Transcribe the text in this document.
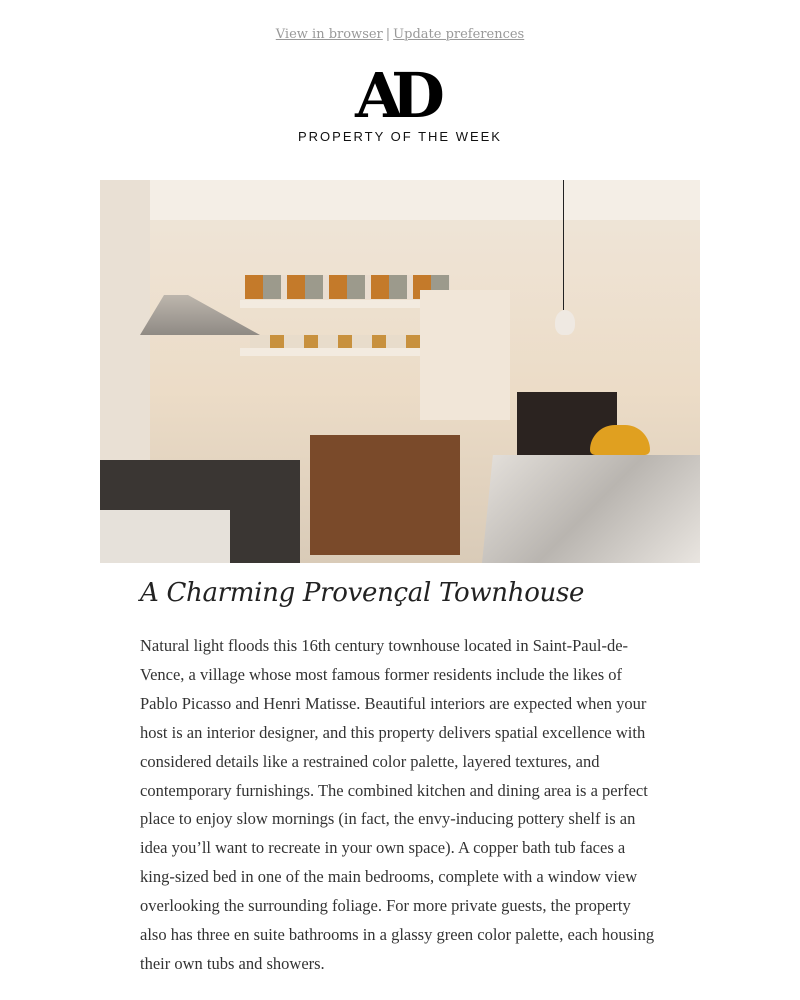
View in browser | Update preferences
AD
PROPERTY OF THE WEEK
A Charming Provençal Townhouse

Natural light floods this 16th century townhouse located in Saint-Paul-de-Vence, a village whose most famous former residents include the likes of Pablo Picasso and Henri Matisse. Beautiful interiors are expected when your host is an interior designer, and this property delivers spatial excellence with considered details like a restrained color palette, layered textures, and contemporary furnishings. The combined kitchen and dining area is a perfect place to enjoy slow mornings (in fact, the envy-inducing pottery shelf is an idea you’ll want to recreate in your own space). A copper bath tub faces a king-sized bed in one of the main bedrooms, complete with a window view overlooking the surrounding foliage. For more private guests, the property also has three en suite bathrooms in a glassy green color palette, each housing their own tubs and showers.
